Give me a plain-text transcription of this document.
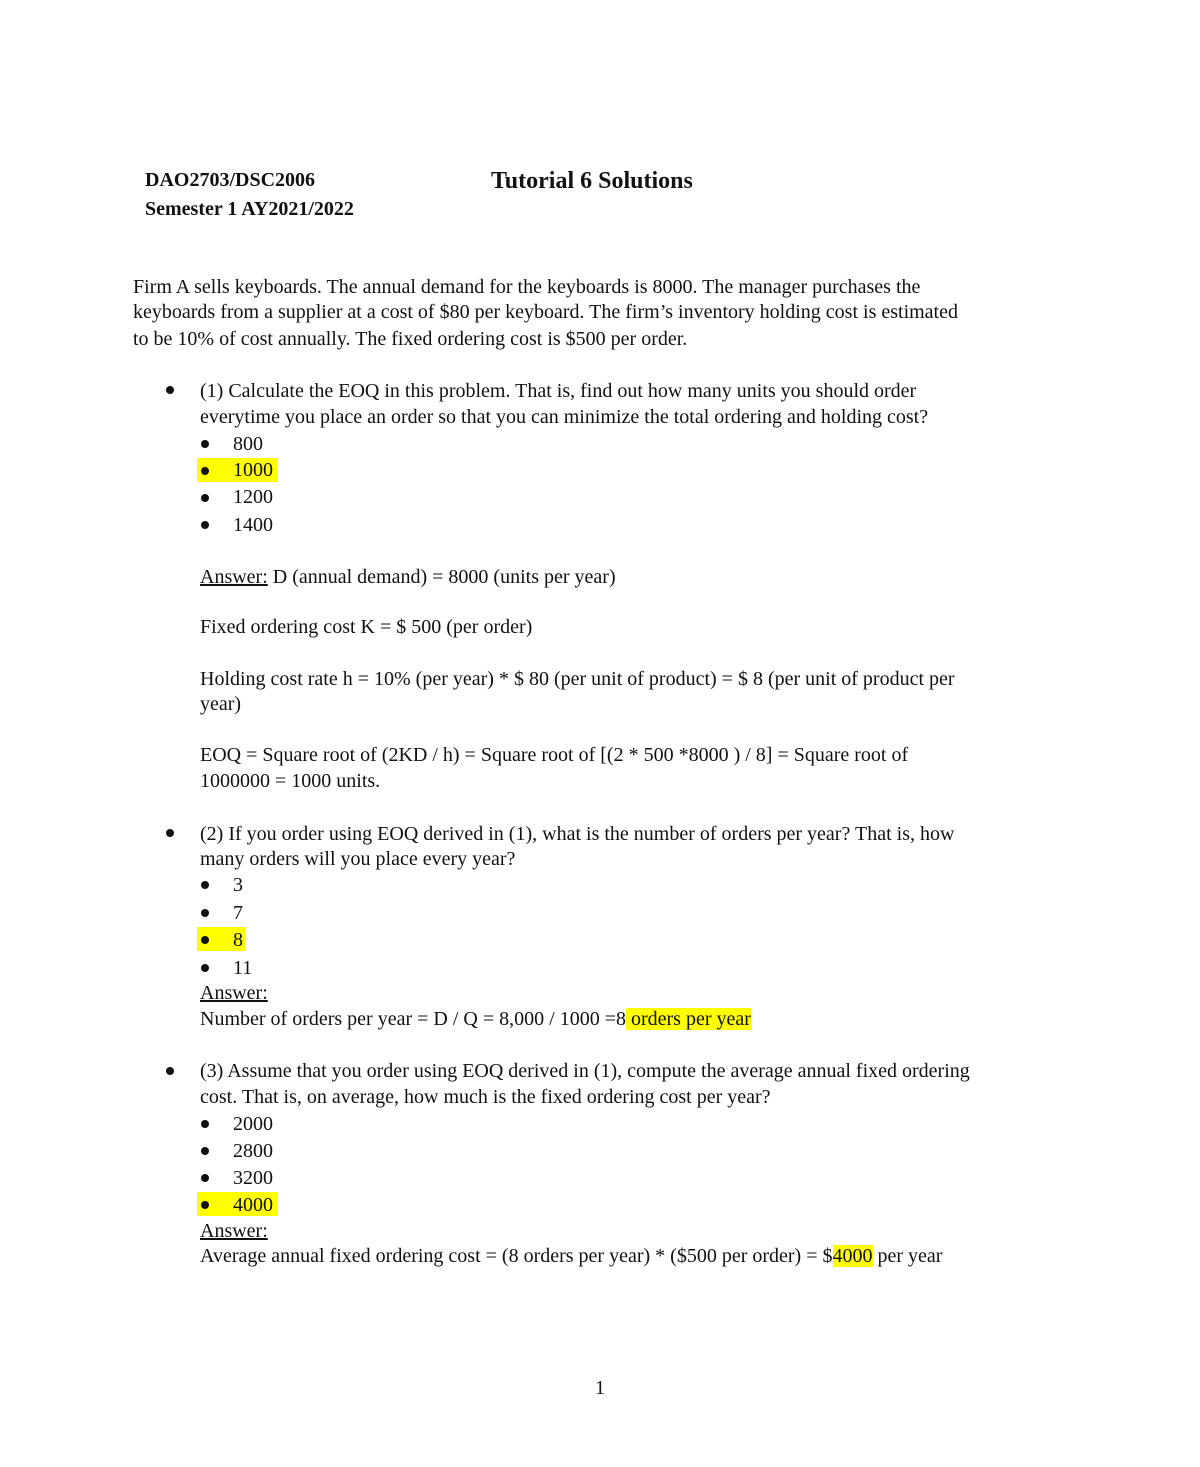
DAO2703/DSC2006
Semester 1 AY2021/2022
Tutorial 6 Solutions
Firm A sells keyboards. The annual demand for the keyboards is 8000. The manager purchases the
keyboards from a supplier at a cost of $80 per keyboard. The firm’s inventory holding cost is estimated
to be 10% of cost annually. The fixed ordering cost is $500 per order.
(1) Calculate the EOQ in this problem. That is, find out how many units you should order
everytime you place an order so that you can minimize the total ordering and holding cost?
800
1000
1200
1400
Answer: D (annual demand) = 8000 (units per year)
Fixed ordering cost K = $ 500 (per order)
Holding cost rate h = 10% (per year) * $ 80 (per unit of product) = $ 8 (per unit of product per
year)
EOQ = Square root of (2KD / h) = Square root of [(2 * 500 *8000 ) / 8] = Square root of
1000000 = 1000 units.
(2) If you order using EOQ derived in (1), what is the number of orders per year? That is, how
many orders will you place every year?
3
7
8
11
Answer:
Number of orders per year = D / Q = 8,000 / 1000 =8 orders per year
(3) Assume that you order using EOQ derived in (1), compute the average annual fixed ordering
cost. That is, on average, how much is the fixed ordering cost per year?
2000
2800
3200
4000
Answer:
Average annual fixed ordering cost = (8 orders per year) * ($500 per order) = $4000 per year
1
